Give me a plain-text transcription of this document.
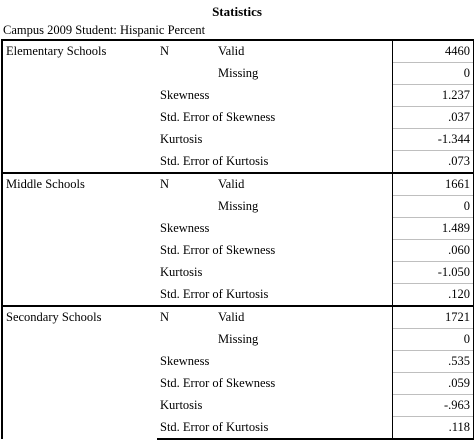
Statistics
Campus 2009 Student: Hispanic Percent
Elementary Schools	N	Valid	4460
		Missing	0
	Skewness		1.237
	Std. Error of Skewness		.037
	Kurtosis		-1.344
	Std. Error of Kurtosis		.073
Middle Schools	N	Valid	1661
		Missing	0
	Skewness		1.489
	Std. Error of Skewness		.060
	Kurtosis		-1.050
	Std. Error of Kurtosis		.120
Secondary Schools	N	Valid	1721
		Missing	0
	Skewness		.535
	Std. Error of Skewness		.059
	Kurtosis		-.963
	Std. Error of Kurtosis		.118
